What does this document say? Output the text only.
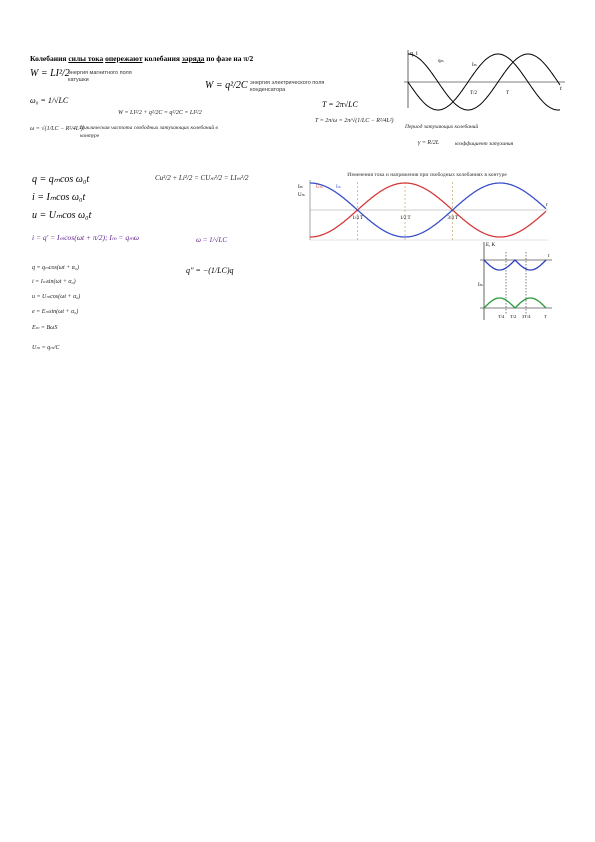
Колебания силы тока опережают колебания заряда по фазе на π/2
W = LI²/2
энергия магнитного поля катушки
ω₀ = 1/√LC
W = LI²/2 + q²/2C = q²/2C = LI²/2
W = q²/2C энергия электрического поля конденсатора
ω = √(1/LC − R²/4L²)
Циклическая частота свободных затухающих колебаний в контуре
T = 2π√LC
T = 2π/ω = 2π/√(1/LC − R²/4L²)
Период затухающих колебаний
γ = R/2L	коэффициент затухания
q = qₘcos ω₀t
i = Iₘcos ω₀t
u = Uₘcos ω₀t
i = q' = Iₘcos(ωt + π/2); Iₘ = qₘω
Cu²/2 + Li²/2 = CUₘ²/2 = LIₘ²/2
ω = 1/√LC
q'' = −(1/LC)q
q = qₘcos(ωt + α₀)
i = Iₘsin(ωt + α₀)
u = Uₘcos(ωt + α₀)
e = Eₘsin(ωt + α₀)
Eₘ = BωS
Uₘ = qₘ/C
q, i
t
qₘ
Iₘ
T
T/2
Изменения тока и напряжения при свободных колебаниях в контуре
Iₘ
Uₘ
t
1/4 T	1/2 T	3/4 T
Uₘ	Iₘ
E, K
t
Iₘ
T/4 T/2 3T/4	T
